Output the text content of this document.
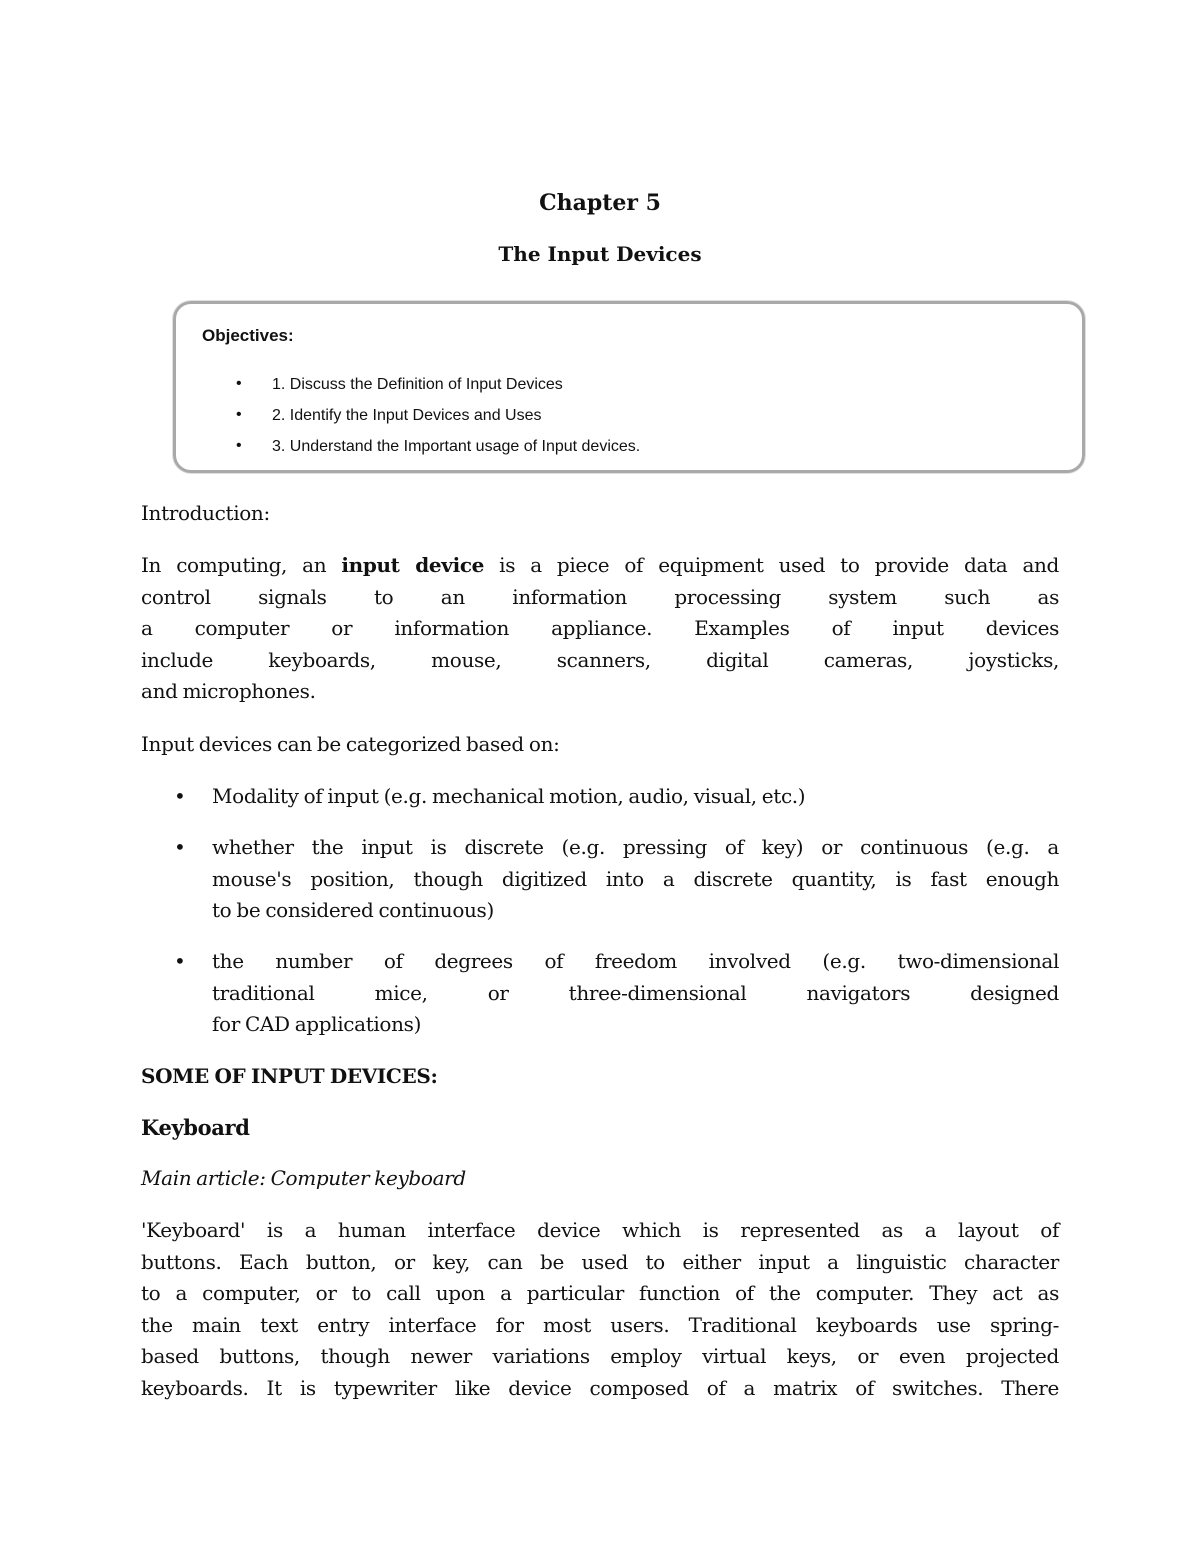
Chapter 5
The Input Devices
Objectives:
• 1. Discuss the Definition of Input Devices
• 2. Identify the Input Devices and Uses
• 3. Understand the Important usage of Input devices.
Introduction:
In computing, an input device is a piece of equipment used to provide data and
control signals to an information processing system such as
a computer or information appliance. Examples of input devices
include keyboards, mouse, scanners, digital cameras, joysticks,
and microphones.
Input devices can be categorized based on:
• Modality of input (e.g. mechanical motion, audio, visual, etc.)
• whether the input is discrete (e.g. pressing of key) or continuous (e.g. a
mouse's position, though digitized into a discrete quantity, is fast enough
to be considered continuous)
• the number of degrees of freedom involved (e.g. two-dimensional
traditional mice, or three-dimensional navigators designed
for CAD applications)
SOME OF INPUT DEVICES:
Keyboard
Main article: Computer keyboard
'Keyboard' is a human interface device which is represented as a layout of
buttons. Each button, or key, can be used to either input a linguistic character
to a computer, or to call upon a particular function of the computer. They act as
the main text entry interface for most users. Traditional keyboards use spring-
based buttons, though newer variations employ virtual keys, or even projected
keyboards. It is typewriter like device composed of a matrix of switches. There
